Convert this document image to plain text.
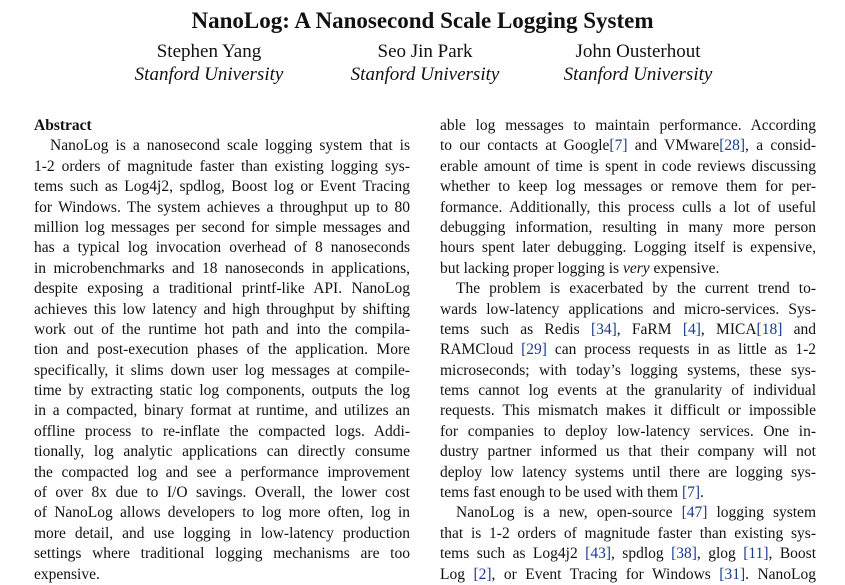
NanoLog: A Nanosecond Scale Logging System
Stephen Yang
Stanford University
Seo Jin Park
Stanford University
John Ousterhout
Stanford University
Abstract
NanoLog is a nanosecond scale logging system that is
1-2 orders of magnitude faster than existing logging sys-
tems such as Log4j2, spdlog, Boost log or Event Tracing
for Windows. The system achieves a throughput up to 80
million log messages per second for simple messages and
has a typical log invocation overhead of 8 nanoseconds
in microbenchmarks and 18 nanoseconds in applications,
despite exposing a traditional printf-like API. NanoLog
achieves this low latency and high throughput by shifting
work out of the runtime hot path and into the compila-
tion and post-execution phases of the application. More
specifically, it slims down user log messages at compile-
time by extracting static log components, outputs the log
in a compacted, binary format at runtime, and utilizes an
offline process to re-inflate the compacted logs. Addi-
tionally, log analytic applications can directly consume
the compacted log and see a performance improvement
of over 8x due to I/O savings. Overall, the lower cost
of NanoLog allows developers to log more often, log in
more detail, and use logging in low-latency production
settings where traditional logging mechanisms are too
expensive.
able log messages to maintain performance. According
to our contacts at Google[7] and VMware[28], a consid-
erable amount of time is spent in code reviews discussing
whether to keep log messages or remove them for per-
formance. Additionally, this process culls a lot of useful
debugging information, resulting in many more person
hours spent later debugging. Logging itself is expensive,
but lacking proper logging is very expensive.
The problem is exacerbated by the current trend to-
wards low-latency applications and micro-services. Sys-
tems such as Redis [34], FaRM [4], MICA[18] and
RAMCloud [29] can process requests in as little as 1-2
microseconds; with today’s logging systems, these sys-
tems cannot log events at the granularity of individual
requests. This mismatch makes it difficult or impossible
for companies to deploy low-latency services. One in-
dustry partner informed us that their company will not
deploy low latency systems until there are logging sys-
tems fast enough to be used with them [7].
NanoLog is a new, open-source [47] logging system
that is 1-2 orders of magnitude faster than existing sys-
tems such as Log4j2 [43], spdlog [38], glog [11], Boost
Log [2], or Event Tracing for Windows [31]. NanoLog
